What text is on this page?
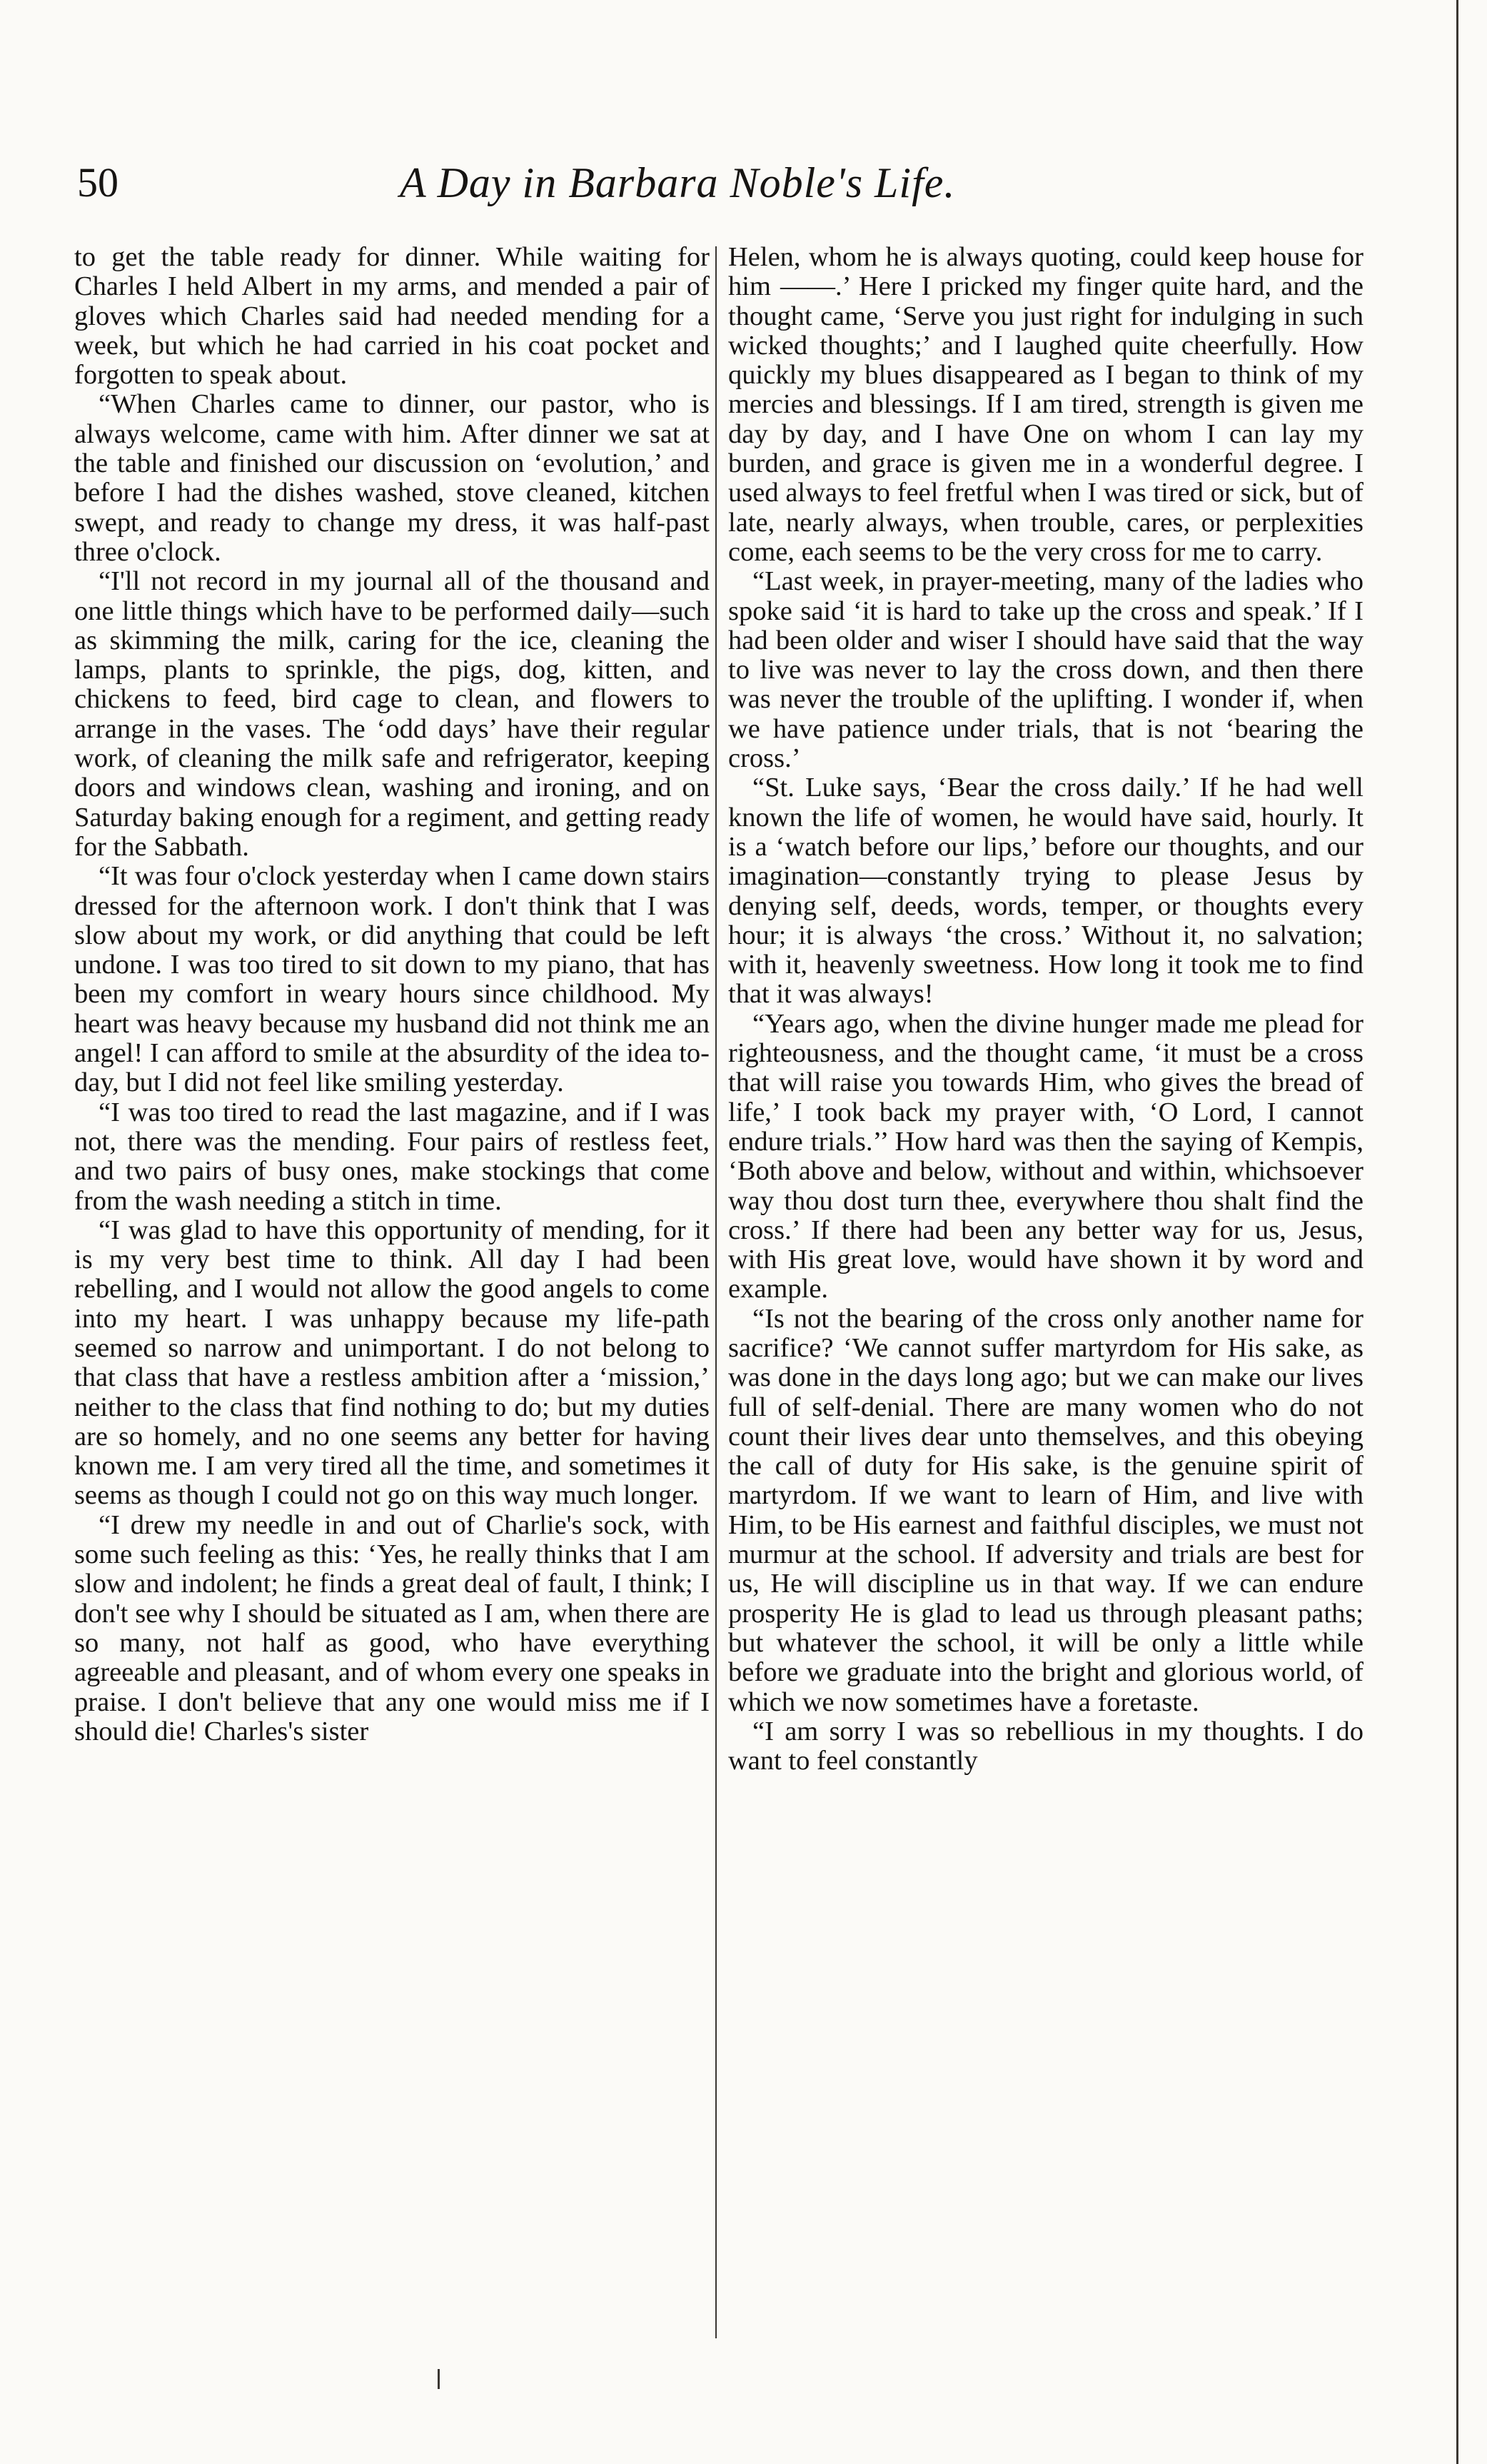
50	A Day in Barbara Noble's Life.

to get the table ready for dinner. While waiting for Charles I held Albert in my arms, and mended a pair of gloves which Charles said had needed mending for a week, but which he had carried in his coat pocket and forgotten to speak about.

“When Charles came to dinner, our pastor, who is always welcome, came with him. After dinner we sat at the table and finished our discussion on ‘evolution,’ and before I had the dishes washed, stove cleaned, kitchen swept, and ready to change my dress, it was half-past three o'clock.

“I'll not record in my journal all of the thousand and one little things which have to be performed daily—such as skimming the milk, caring for the ice, cleaning the lamps, plants to sprinkle, the pigs, dog, kitten, and chickens to feed, bird cage to clean, and flowers to arrange in the vases. The ‘odd days’ have their regular work, of cleaning the milk safe and refrigerator, keeping doors and windows clean, washing and ironing, and on Saturday baking enough for a regiment, and getting ready for the Sabbath.

“It was four o'clock yesterday when I came down stairs dressed for the afternoon work. I don't think that I was slow about my work, or did anything that could be left undone. I was too tired to sit down to my piano, that has been my comfort in weary hours since childhood. My heart was heavy because my husband did not think me an angel! I can afford to smile at the absurdity of the idea to-day, but I did not feel like smiling yesterday.

“I was too tired to read the last magazine, and if I was not, there was the mending. Four pairs of restless feet, and two pairs of busy ones, make stockings that come from the wash needing a stitch in time.

“I was glad to have this opportunity of mending, for it is my very best time to think. All day I had been rebelling, and I would not allow the good angels to come into my heart. I was unhappy because my life-path seemed so narrow and unimportant. I do not belong to that class that have a restless ambition after a ‘mission,’ neither to the class that find nothing to do; but my duties are so homely, and no one seems any better for having known me. I am very tired all the time, and sometimes it seems as though I could not go on this way much longer.

“I drew my needle in and out of Charlie's sock, with some such feeling as this: ‘Yes, he really thinks that I am slow and indolent; he finds a great deal of fault, I think; I don't see why I should be situated as I am, when there are so many, not half as good, who have everything agreeable and pleasant, and of whom every one speaks in praise. I don't believe that any one would miss me if I should die! Charles's sister

Helen, whom he is always quoting, could keep house for him ——.’ Here I pricked my finger quite hard, and the thought came, ‘Serve you just right for indulging in such wicked thoughts;’ and I laughed quite cheerfully. How quickly my blues disappeared as I began to think of my mercies and blessings. If I am tired, strength is given me day by day, and I have One on whom I can lay my burden, and grace is given me in a wonderful degree. I used always to feel fretful when I was tired or sick, but of late, nearly always, when trouble, cares, or perplexities come, each seems to be the very cross for me to carry.

“Last week, in prayer-meeting, many of the ladies who spoke said ‘it is hard to take up the cross and speak.’ If I had been older and wiser I should have said that the way to live was never to lay the cross down, and then there was never the trouble of the uplifting. I wonder if, when we have patience under trials, that is not ‘bearing the cross.’

“St. Luke says, ‘Bear the cross daily.’ If he had well known the life of women, he would have said, hourly. It is a ‘watch before our lips,’ before our thoughts, and our imagination—constantly trying to please Jesus by denying self, deeds, words, temper, or thoughts every hour; it is always ‘the cross.’ Without it, no salvation; with it, heavenly sweetness. How long it took me to find that it was always!

“Years ago, when the divine hunger made me plead for righteousness, and the thought came, ‘it must be a cross that will raise you towards Him, who gives the bread of life,’ I took back my prayer with, ‘O Lord, I cannot endure trials.’’ How hard was then the saying of Kempis, ‘Both above and below, without and within, whichsoever way thou dost turn thee, everywhere thou shalt find the cross.’ If there had been any better way for us, Jesus, with His great love, would have shown it by word and example.

“Is not the bearing of the cross only another name for sacrifice? ‘We cannot suffer martyrdom for His sake, as was done in the days long ago; but we can make our lives full of self-denial. There are many women who do not count their lives dear unto themselves, and this obeying the call of duty for His sake, is the genuine spirit of martyrdom. If we want to learn of Him, and live with Him, to be His earnest and faithful disciples, we must not murmur at the school. If adversity and trials are best for us, He will discipline us in that way. If we can endure prosperity He is glad to lead us through pleasant paths; but whatever the school, it will be only a little while before we graduate into the bright and glorious world, of which we now sometimes have a foretaste.

“I am sorry I was so rebellious in my thoughts. I do want to feel constantly
